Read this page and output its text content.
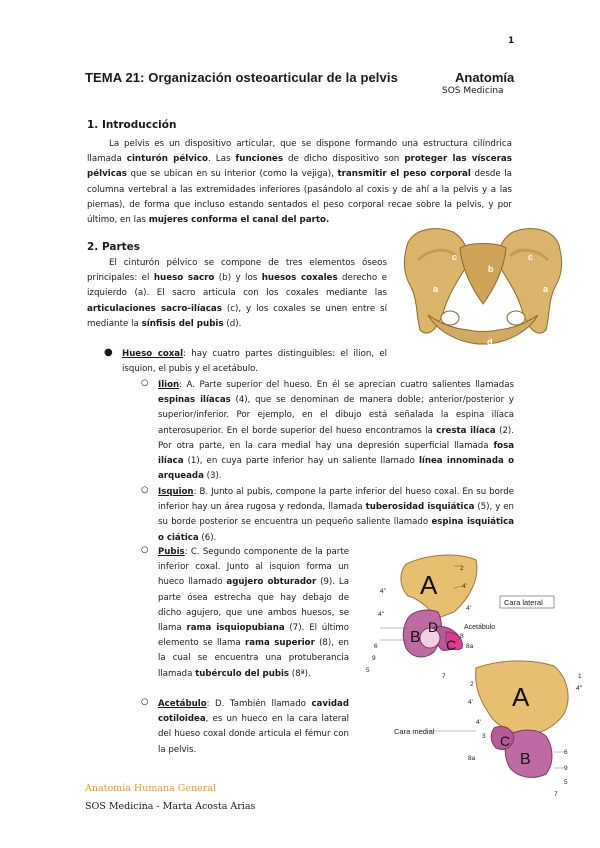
1
TEMA 21: Organización osteoarticular de la pelvis	Anatomía
SOS Medicina
1. Introducción
La pelvis es un dispositivo articular, que se dispone formando una estructura cilíndrica llamada cinturón pélvico. Las funciones de dicho dispositivo son proteger las vísceras pélvicas que se ubican en su interior (como la vejiga), transmitir el peso corporal desde la columna vertebral a las extremidades inferiores (pasándolo al coxis y de ahí a la pelvis y a las piernas), de forma que incluso estando sentados el peso corporal recae sobre la pelvis, y por último, en las mujeres conforma el canal del parto.
2. Partes
El cinturón pélvico se compone de tres elementos óseos principales: el hueso sacro (b) y los huesos coxales derecho e izquierdo (a). El sacro articula con los coxales mediante las articulaciones sacro-ilíacas (c), y los coxales se unen entre sí mediante la sínfisis del pubis (d).
c	c
b
a	a
d
● Hueso coxal: hay cuatro partes distinguibles: el ilion, el isquion, el pubis y el acetábulo.
○ Ilion: A. Parte superior del hueso. En él se aprecian cuatro salientes llamadas espinas ilíacas (4), que se denominan de manera doble; anterior/posterior y superior/inferior. Por ejemplo, en el dibujo está señalada la espina ilíaca anterosuperior. En el borde superior del hueso encontramos la cresta ilíaca (2). Por otra parte, en la cara medial hay una depresión superficial llamada fosa ilíaca (1), en cuya parte inferior hay un saliente llamado línea innominada o arqueada (3).
○ Isquion: B. Junto al pubis, compone la parte inferior del hueso coxal. En su borde inferior hay un área rugosa y redonda, llamada tuberosidad isquiática (5), y en su borde posterior se encuentra un pequeño saliente llamado espina isquiática o ciática (6).
○ Pubis: C. Segundo componente de la parte inferior coxal. Junto al isquion forma un hueco llamado agujero obturador (9). La parte ósea estrecha que hay debajo de dicho agujero, que une ambos huesos, se llama rama isquiopubiana (7). El último elemento se llama rama superior (8), en la cual se encuentra una protuberancia llamada tubérculo del pubis (8ª).
○ Acetábulo: D. También llamado cavidad cotiloidea, es un hueco en la cara lateral del hueso coxal donde articula el fémur con la pelvis.
Cara lateral
Acetábulo
A
B
D
C
2
4'
4''
4'
4''
8
8a
6
9
5
7
A
C
B
Cara medial
2
1
4'
4''
4'
3
6
8a
9
5
7
Anatomía Humana General
SOS Medicina - Marta Acosta Arias
